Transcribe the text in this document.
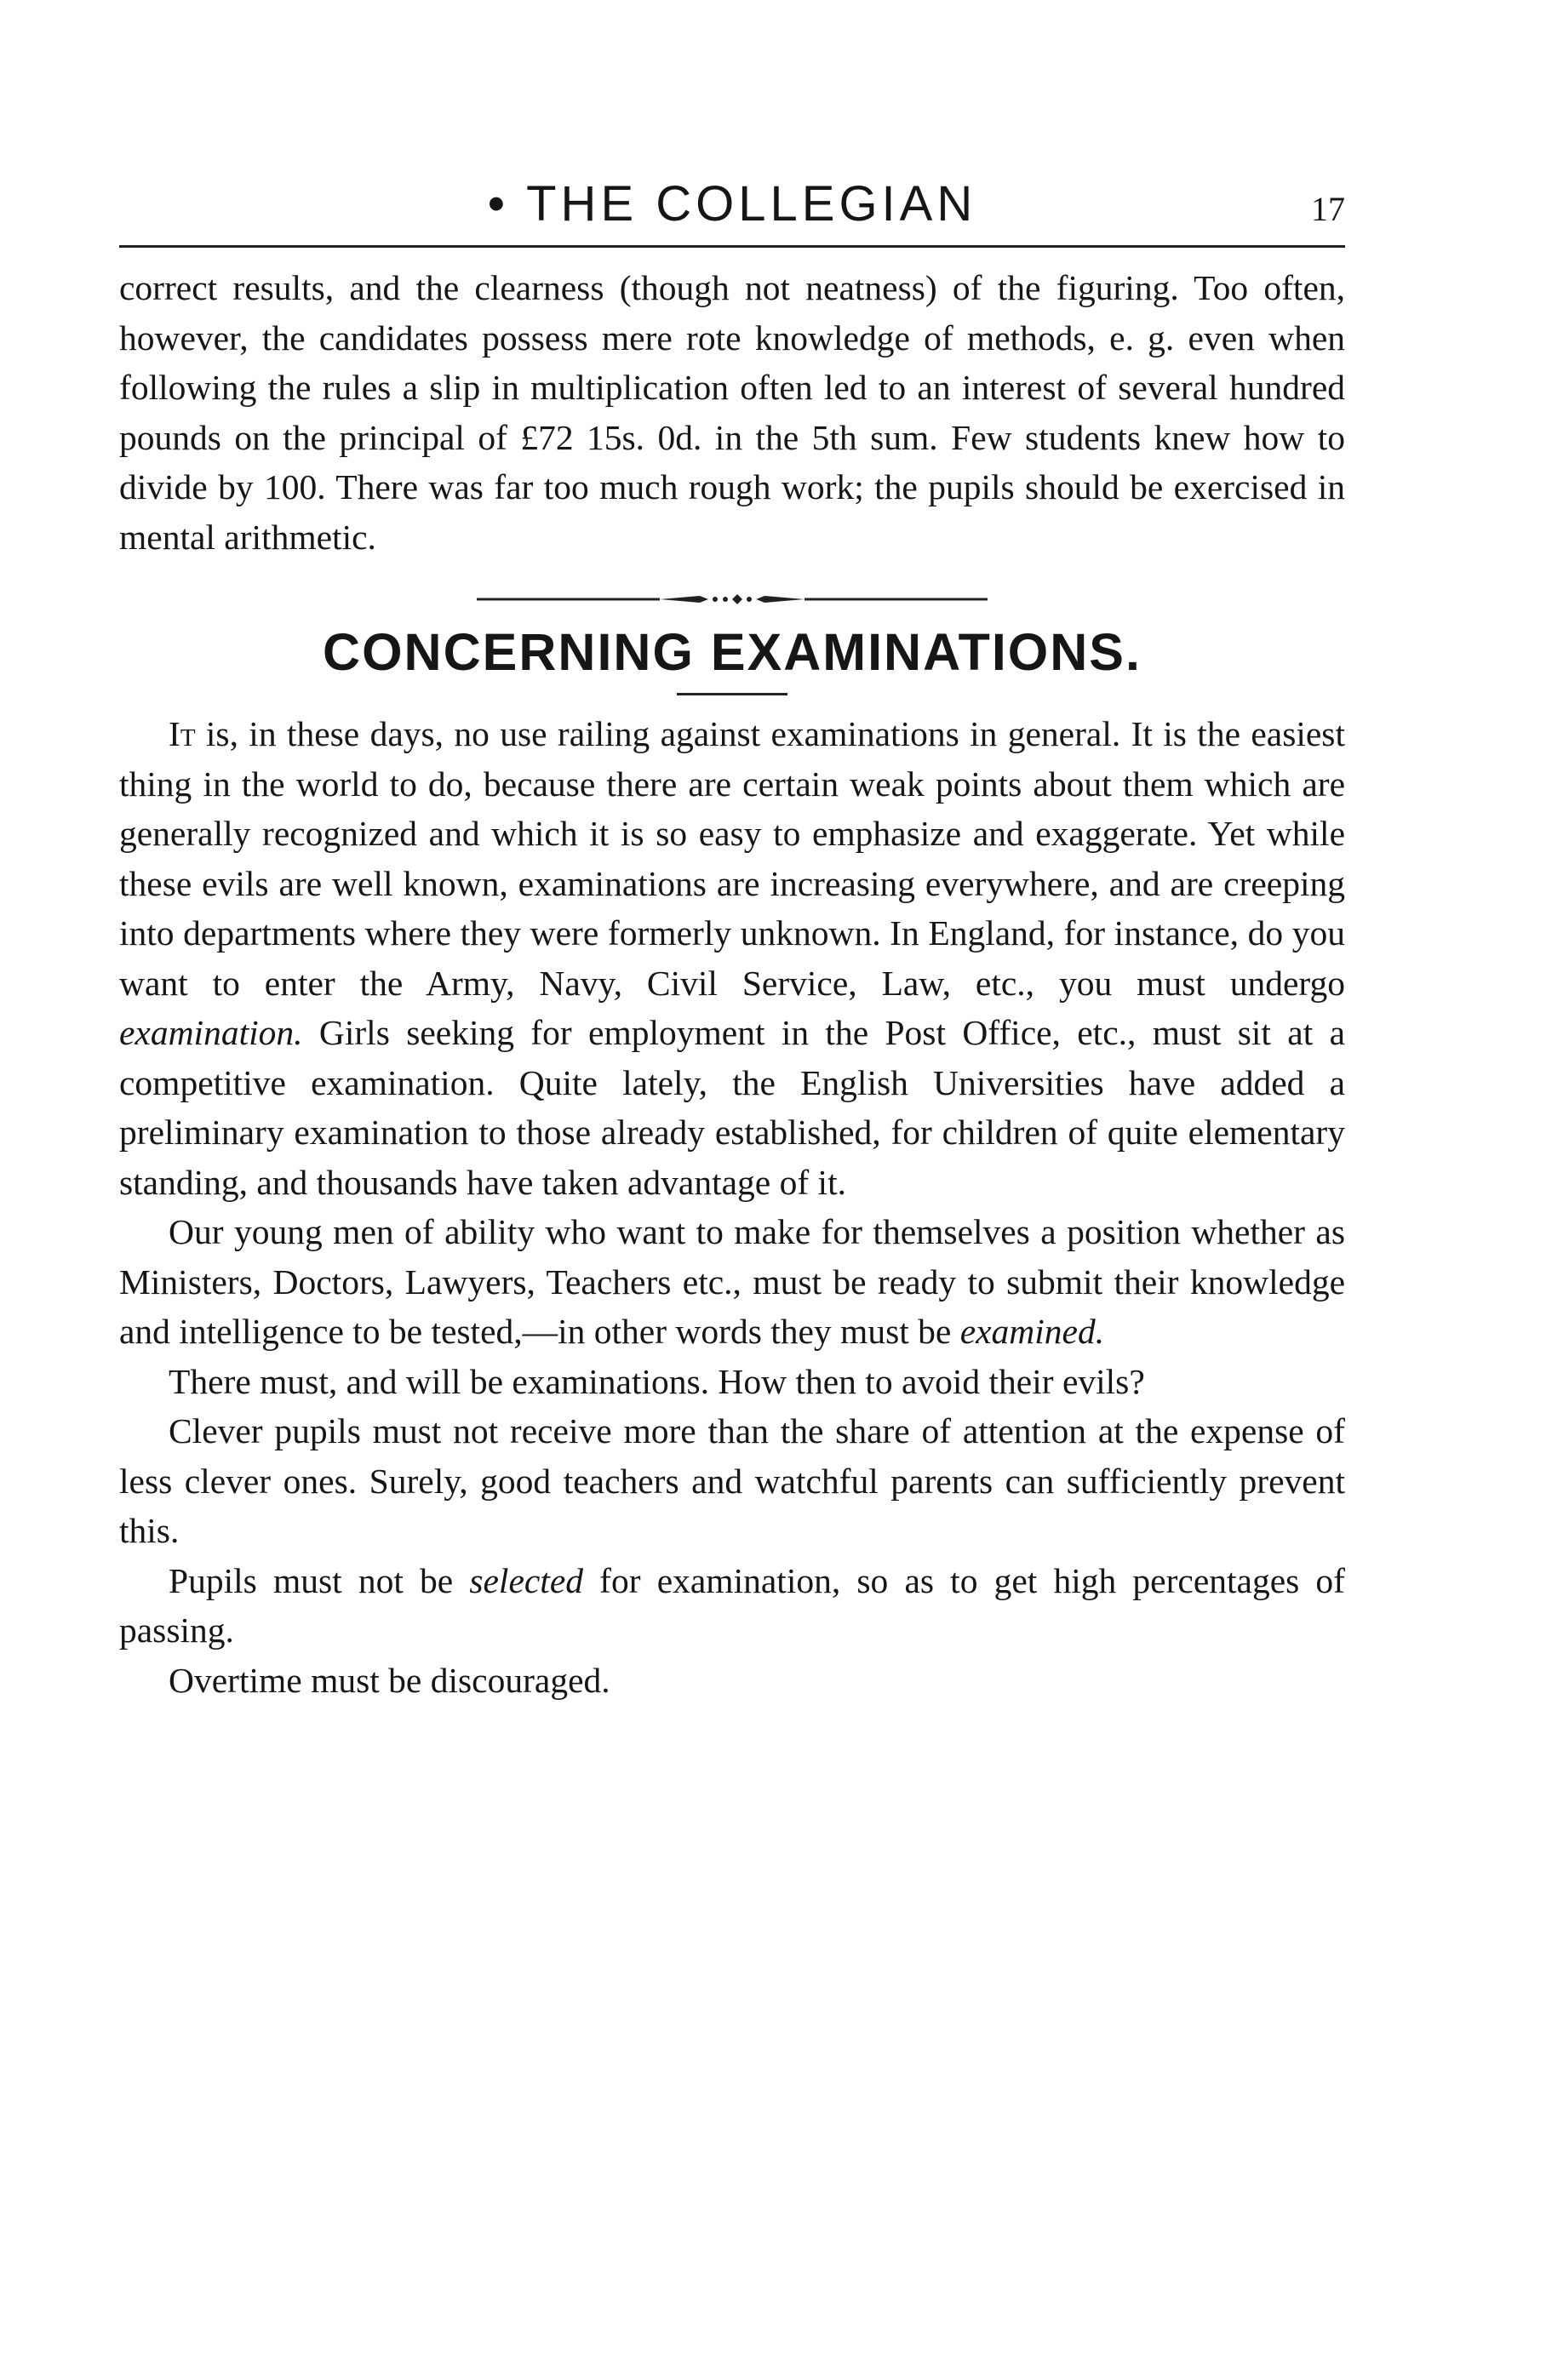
• THE COLLEGIAN	17

correct results, and the clearness (though not neatness) of the figuring. Too often, however, the candidates possess mere rote knowledge of methods, e. g. even when following the rules a slip in multiplication often led to an interest of several hundred pounds on the principal of £72 15s. 0d. in the 5th sum. Few students knew how to divide by 100. There was far too much rough work; the pupils should be exercised in mental arithmetic.

CONCERNING EXAMINATIONS.

It is, in these days, no use railing against examinations in general. It is the easiest thing in the world to do, because there are certain weak points about them which are generally recognized and which it is so easy to emphasize and exaggerate. Yet while these evils are well known, examinations are increasing everywhere, and are creeping into departments where they were formerly unknown. In England, for instance, do you want to enter the Army, Navy, Civil Service, Law, etc., you must undergo examination. Girls seeking for employment in the Post Office, etc., must sit at a competitive examination. Quite lately, the English Universities have added a preliminary examination to those already established, for children of quite elementary standing, and thousands have taken advantage of it.

Our young men of ability who want to make for themselves a position whether as Ministers, Doctors, Lawyers, Teachers etc., must be ready to submit their knowledge and intelligence to be tested,—in other words they must be examined.

There must, and will be examinations. How then to avoid their evils?

Clever pupils must not receive more than the share of attention at the expense of less clever ones. Surely, good teachers and watchful parents can sufficiently prevent this.

Pupils must not be selected for examination, so as to get high percentages of passing.

Overtime must be discouraged.
